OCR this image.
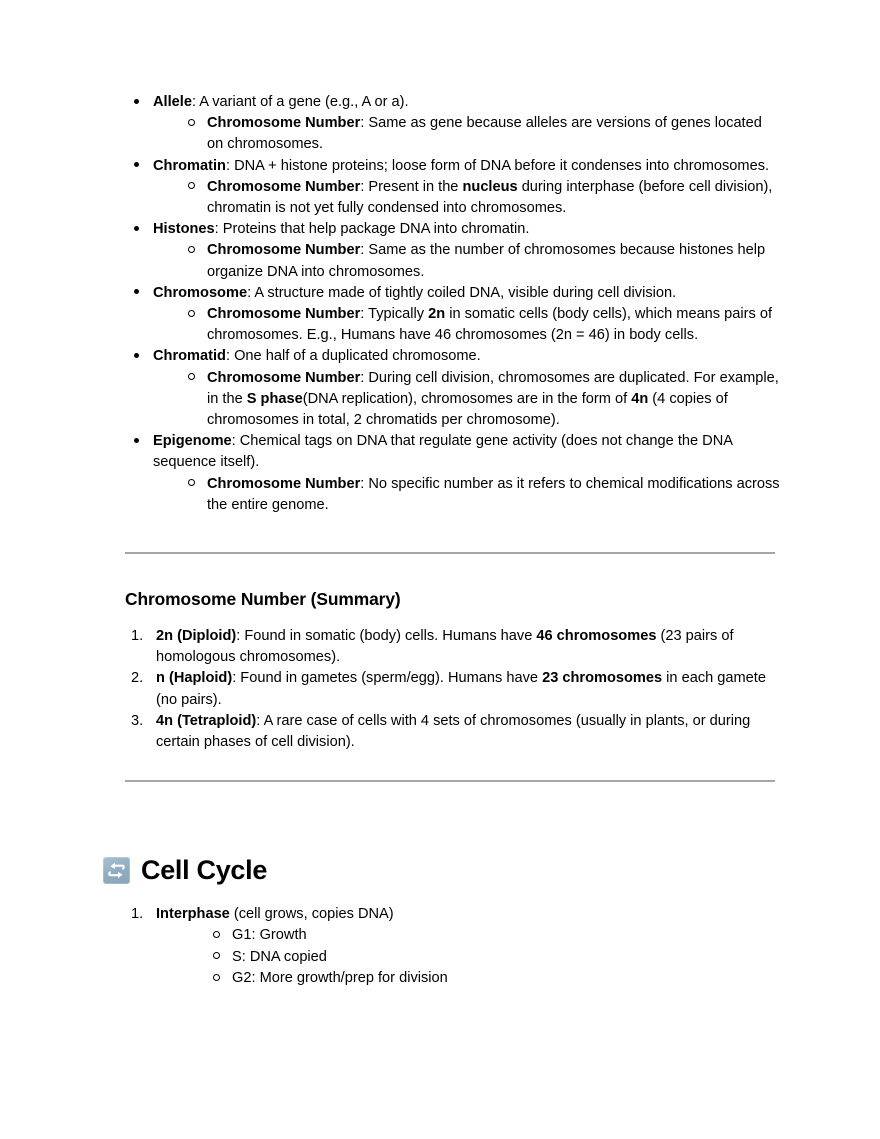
Allele: A variant of a gene (e.g., A or a).
Chromosome Number: Same as gene because alleles are versions of genes located on chromosomes.
Chromatin: DNA + histone proteins; loose form of DNA before it condenses into chromosomes.
Chromosome Number: Present in the nucleus during interphase (before cell division), chromatin is not yet fully condensed into chromosomes.
Histones: Proteins that help package DNA into chromatin.
Chromosome Number: Same as the number of chromosomes because histones help organize DNA into chromosomes.
Chromosome: A structure made of tightly coiled DNA, visible during cell division.
Chromosome Number: Typically 2n in somatic cells (body cells), which means pairs of chromosomes. E.g., Humans have 46 chromosomes (2n = 46) in body cells.
Chromatid: One half of a duplicated chromosome.
Chromosome Number: During cell division, chromosomes are duplicated. For example, in the S phase(DNA replication), chromosomes are in the form of 4n (4 copies of chromosomes in total, 2 chromatids per chromosome).
Epigenome: Chemical tags on DNA that regulate gene activity (does not change the DNA sequence itself).
Chromosome Number: No specific number as it refers to chemical modifications across the entire genome.
Chromosome Number (Summary)
2n (Diploid): Found in somatic (body) cells. Humans have 46 chromosomes (23 pairs of homologous chromosomes).
n (Haploid): Found in gametes (sperm/egg). Humans have 23 chromosomes in each gamete (no pairs).
4n (Tetraploid): A rare case of cells with 4 sets of chromosomes (usually in plants, or during certain phases of cell division).
Cell Cycle
Interphase (cell grows, copies DNA)
G1: Growth
S: DNA copied
G2: More growth/prep for division
